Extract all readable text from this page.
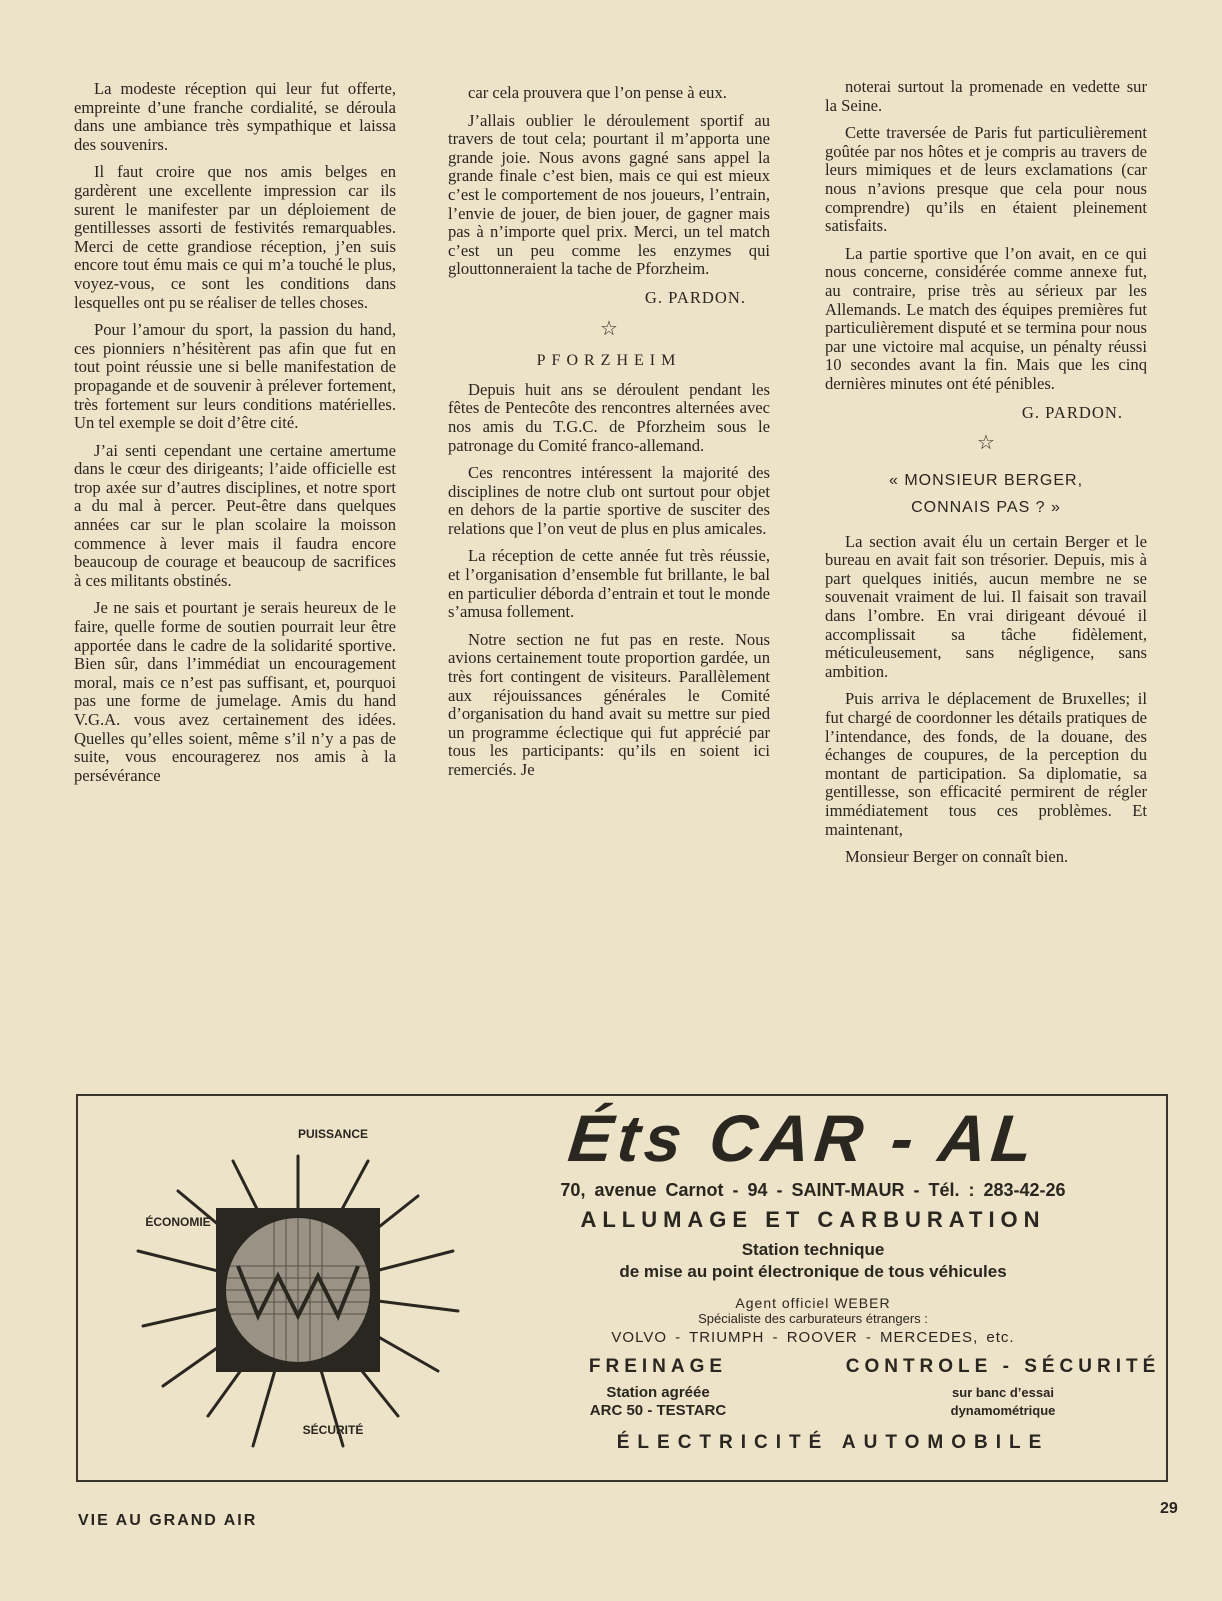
La modeste réception qui leur fut offerte, empreinte d’une franche cordialité, se déroula dans une ambiance très sympathique et laissa des souvenirs.

Il faut croire que nos amis belges en gardèrent une excellente impression car ils surent le manifester par un déploiement de gentillesses assorti de festivités remarquables. Merci de cette grandiose réception, j’en suis encore tout ému mais ce qui m’a touché le plus, voyez-vous, ce sont les conditions dans lesquelles ont pu se réaliser de telles choses.

Pour l’amour du sport, la passion du hand, ces pionniers n’hésitèrent pas afin que fut en tout point réussie une si belle manifestation de propagande et de souvenir à prélever fortement, très fortement sur leurs conditions matérielles. Un tel exemple se doit d’être cité.

J’ai senti cependant une certaine amertume dans le cœur des dirigeants; l’aide officielle est trop axée sur d’autres disciplines, et notre sport a du mal à percer. Peut-être dans quelques années car sur le plan scolaire la moisson commence à lever mais il faudra encore beaucoup de courage et beaucoup de sacrifices à ces militants obstinés.

Je ne sais et pourtant je serais heureux de le faire, quelle forme de soutien pourrait leur être apportée dans le cadre de la solidarité sportive. Bien sûr, dans l’immédiat un encouragement moral, mais ce n’est pas suffisant, et, pourquoi pas une forme de jumelage. Amis du hand V.G.A. vous avez certainement des idées. Quelles qu’elles soient, même s’il n’y a pas de suite, vous encouragerez nos amis à la persévérance

car cela prouvera que l’on pense à eux.

J’allais oublier le déroulement sportif au travers de tout cela; pourtant il m’apporta une grande joie. Nous avons gagné sans appel la grande finale c’est bien, mais ce qui est mieux c’est le comportement de nos joueurs, l’entrain, l’envie de jouer, de bien jouer, de gagner mais pas à n’importe quel prix. Merci, un tel match c’est un peu comme les enzymes qui glouttonneraient la tache de Pforzheim.

G. PARDON.

☆

PFORZHEIM

Depuis huit ans se déroulent pendant les fêtes de Pentecôte des rencontres alternées avec nos amis du T.G.C. de Pforzheim sous le patronage du Comité franco-allemand.

Ces rencontres intéressent la majorité des disciplines de notre club ont surtout pour objet en dehors de la partie sportive de susciter des relations que l’on veut de plus en plus amicales.

La réception de cette année fut très réussie, et l’organisation d’ensemble fut brillante, le bal en particulier déborda d’entrain et tout le monde s’amusa follement.

Notre section ne fut pas en reste. Nous avions certainement toute proportion gardée, un très fort contingent de visiteurs. Parallèlement aux réjouissances générales le Comité d’organisation du hand avait su mettre sur pied un programme éclectique qui fut apprécié par tous les participants: qu’ils en soient ici remerciés. Je

noterai surtout la promenade en vedette sur la Seine.

Cette traversée de Paris fut particulièrement goûtée par nos hôtes et je compris au travers de leurs mimiques et de leurs exclamations (car nous n’avions presque que cela pour nous comprendre) qu’ils en étaient pleinement satisfaits.

La partie sportive que l’on avait, en ce qui nous concerne, considérée comme annexe fut, au contraire, prise très au sérieux par les Allemands. Le match des équipes premières fut particulièrement disputé et se termina pour nous par une victoire mal acquise, un pénalty réussi 10 secondes avant la fin. Mais que les cinq dernières minutes ont été pénibles.

G. PARDON.

☆

« MONSIEUR BERGER,
CONNAIS PAS ? »

La section avait élu un certain Berger et le bureau en avait fait son trésorier. Depuis, mis à part quelques initiés, aucun membre ne se souvenait vraiment de lui. Il faisait son travail dans l’ombre. En vrai dirigeant dévoué il accomplissait sa tâche fidèlement, méticuleusement, sans négligence, sans ambition.

Puis arriva le déplacement de Bruxelles; il fut chargé de coordonner les détails pratiques de l’intendance, des fonds, de la douane, des échanges de coupures, de la perception du montant de participation. Sa diplomatie, sa gentillesse, son efficacité permirent de régler immédiatement tous ces problèmes. Et maintenant,

Monsieur Berger on connaît bien.

PUISSANCE
ÉCONOMIE
SÉCURITÉ
Éts CAR - AL
70, avenue Carnot - 94 - SAINT-MAUR - Tél. : 283-42-26
ALLUMAGE ET CARBURATION
Station technique
de mise au point électronique de tous véhicules
Agent officiel WEBER
Spécialiste des carburateurs étrangers :
VOLVO - TRIUMPH - ROOVER - MERCEDES, etc.
FREINAGE
Station agréée
ARC 50 - TESTARC
CONTROLE - SÉCURITÉ
sur banc d’essai
dynamométrique
ÉLECTRICITÉ AUTOMOBILE
VIE AU GRAND AIR
29
